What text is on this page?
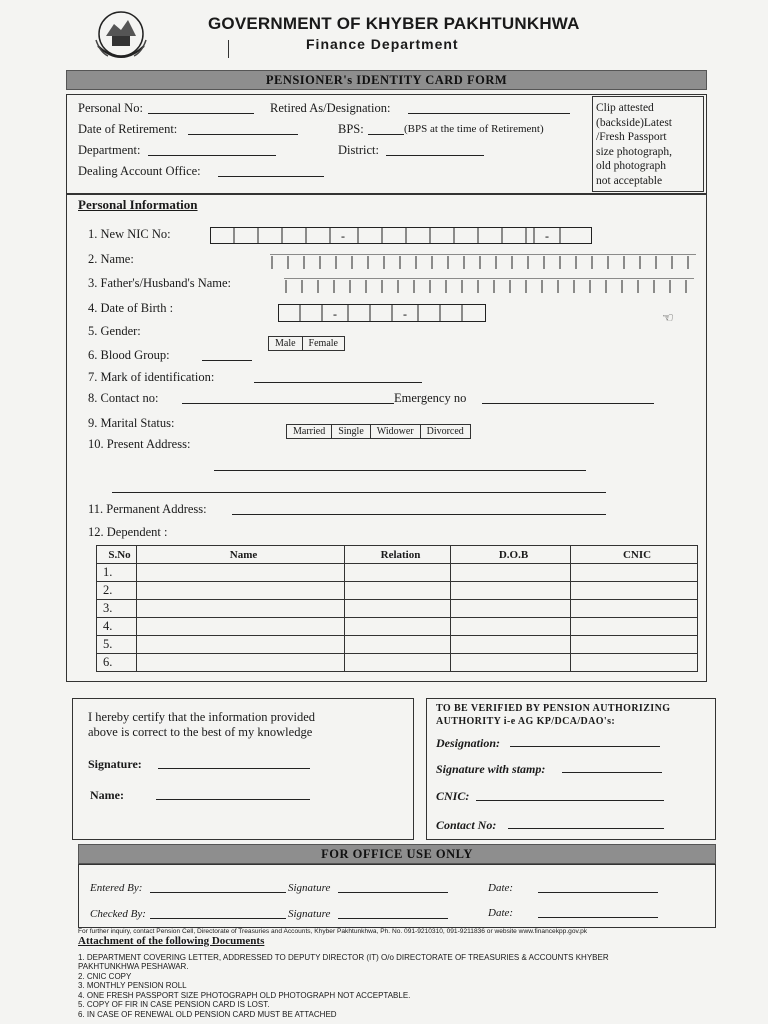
GOVERNMENT OF KHYBER PAKHTUNKHWA
Finance Department
PENSIONER's IDENTITY CARD FORM
Clip attested
(backside)Latest
/Fresh Passport
size photograph,
old photograph
not acceptable
Personal No:	Retired As/Designation:
Date of Retirement:	BPS:	(BPS at the time of Retirement)
Department:	District:
Dealing Account Office:
Personal Information
1. New NIC No:	-	-
2. Name:
3. Father's/Husband's Name:
4. Date of Birth :	-	-	☜
5. Gender:
Male	Female
6. Blood Group:
7. Mark of identification:
8. Contact no:	Emergency no
9. Marital Status:
Married	Single	Widower	Divorced
10. Present Address:
11. Permanent Address:
12. Dependent :
S.No	Name	Relation	D.O.B	CNIC
1.				
2.				
3.				
4.				
5.				
6.				
I hereby certify that the information provided
above is correct to the best of my knowledge
Signature:
Name:
TO BE VERIFIED BY PENSION AUTHORIZING
AUTHORITY i-e AG KP/DCA/DAO's:
Designation:
Signature with stamp:
CNIC:
Contact No:
FOR OFFICE USE ONLY
Entered By:	Signature	Date:
Checked By:	Signature	Date:
For further inquiry, contact Pension Cell, Directorate of Treasuries and Accounts, Khyber Pakhtunkhwa, Ph. No. 091-9210310, 091-9211836 or website www.financekpp.gov.pk
Attachment of the following Documents
1. DEPARTMENT COVERING LETTER, ADDRESSED TO DEPUTY DIRECTOR (IT) O/o DIRECTORATE OF TREASURIES & ACCOUNTS KHYBER
PAKHTUNKHWA PESHAWAR.
2. CNIC COPY
3. MONTHLY PENSION ROLL
4. ONE FRESH PASSPORT SIZE PHOTOGRAPH OLD PHOTOGRAPH NOT ACCEPTABLE.
5. COPY OF FIR IN CASE PENSION CARD IS LOST.
6. IN CASE OF RENEWAL OLD PENSION CARD MUST BE ATTACHED
